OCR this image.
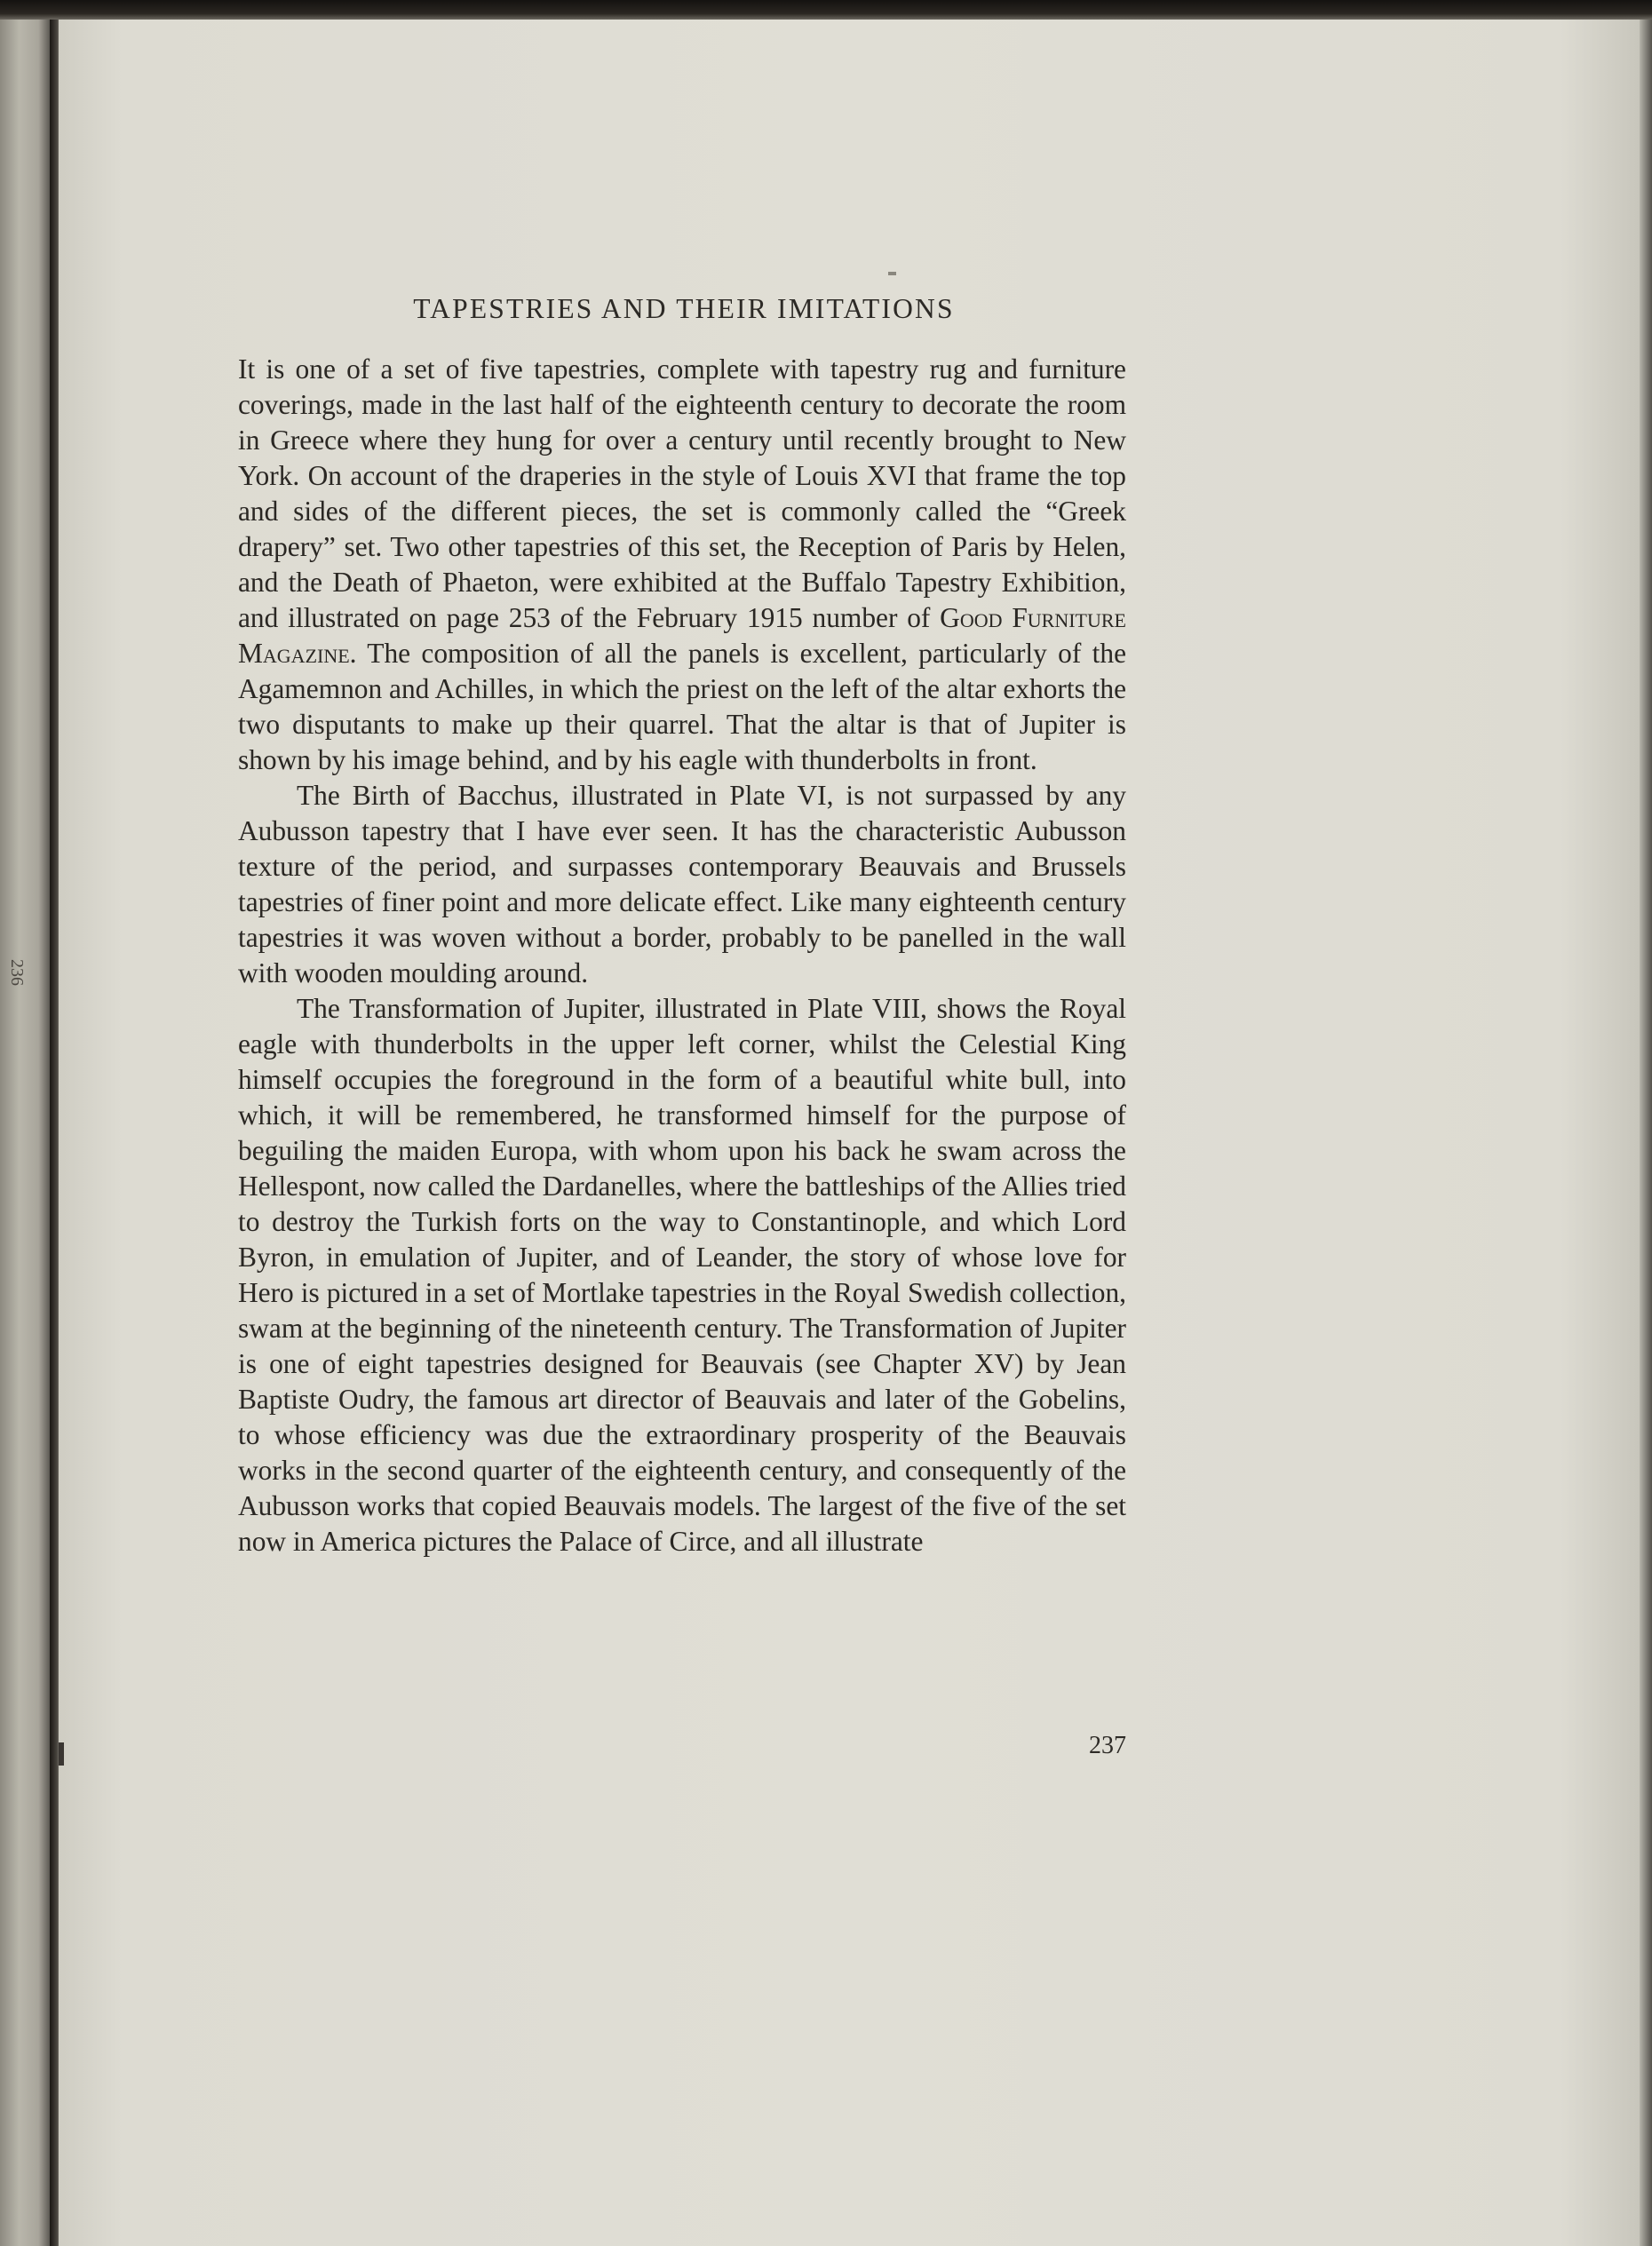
236
TAPESTRIES AND THEIR IMITATIONS

It is one of a set of five tapestries, complete with tapestry rug and furniture coverings, made in the last half of the eighteenth century to decorate the room in Greece where they hung for over a century until recently brought to New York. On account of the draperies in the style of Louis XVI that frame the top and sides of the different pieces, the set is commonly called the “Greek drapery” set. Two other tapestries of this set, the Reception of Paris by Helen, and the Death of Phaeton, were exhibited at the Buffalo Tapestry Exhibition, and illustrated on page 253 of the February 1915 number of Good Furniture Magazine. The composition of all the panels is excellent, particularly of the Agamemnon and Achilles, in which the priest on the left of the altar exhorts the two disputants to make up their quarrel. That the altar is that of Jupiter is shown by his image behind, and by his eagle with thunderbolts in front.

The Birth of Bacchus, illustrated in Plate VI, is not surpassed by any Aubusson tapestry that I have ever seen. It has the characteristic Aubusson texture of the period, and surpasses contemporary Beauvais and Brussels tapestries of finer point and more delicate effect. Like many eighteenth century tapestries it was woven without a border, probably to be panelled in the wall with wooden moulding around.

The Transformation of Jupiter, illustrated in Plate VIII, shows the Royal eagle with thunderbolts in the upper left corner, whilst the Celestial King himself occupies the foreground in the form of a beautiful white bull, into which, it will be remembered, he transformed himself for the purpose of beguiling the maiden Europa, with whom upon his back he swam across the Hellespont, now called the Dardanelles, where the battleships of the Allies tried to destroy the Turkish forts on the way to Constantinople, and which Lord Byron, in emulation of Jupiter, and of Leander, the story of whose love for Hero is pictured in a set of Mortlake tapestries in the Royal Swedish collection, swam at the beginning of the nineteenth century. The Transformation of Jupiter is one of eight tapestries designed for Beauvais (see Chapter XV) by Jean Baptiste Oudry, the famous art director of Beauvais and later of the Gobelins, to whose efficiency was due the extraordinary prosperity of the Beauvais works in the second quarter of the eighteenth century, and consequently of the Aubusson works that copied Beauvais models. The largest of the five of the set now in America pictures the Palace of Circe, and all illustrate

237
